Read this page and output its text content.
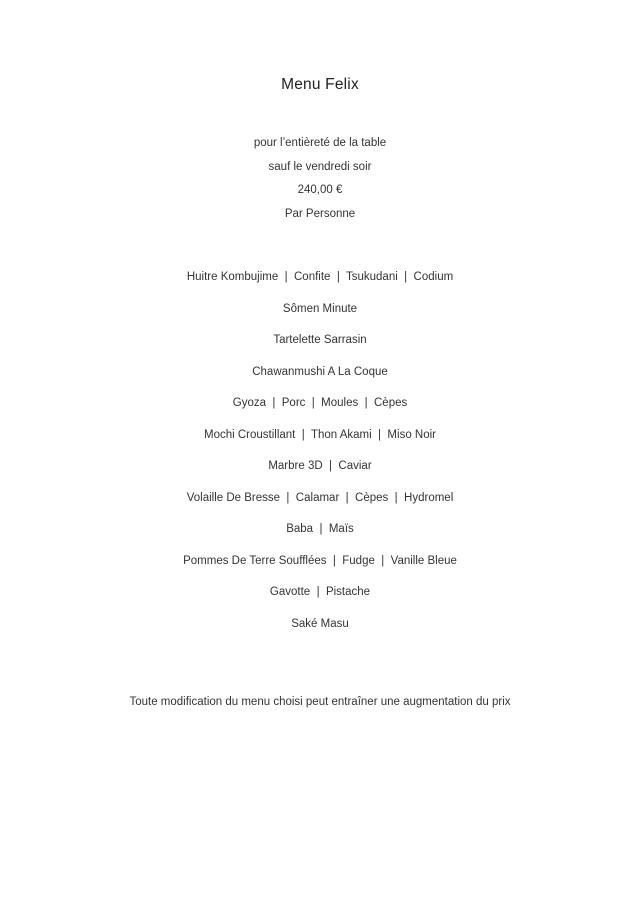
Menu Felix
pour l’entièreté de la table
sauf le vendredi soir
240,00 €
Par Personne
Huitre Kombujime  |  Confite  |  Tsukudani  |  Codium
Sômen Minute
Tartelette Sarrasin
Chawanmushi A La Coque
Gyoza  |  Porc  |  Moules  |  Cèpes
Mochi Croustillant  |  Thon Akami  |  Miso Noir
Marbre 3D  |  Caviar
Volaille De Bresse  |  Calamar  |  Cèpes  |  Hydromel
Baba  |  Maïs
Pommes De Terre Soufflées  |  Fudge  |  Vanille Bleue
Gavotte  |  Pistache
Saké Masu
Toute modification du menu choisi peut entraîner une augmentation du prix
